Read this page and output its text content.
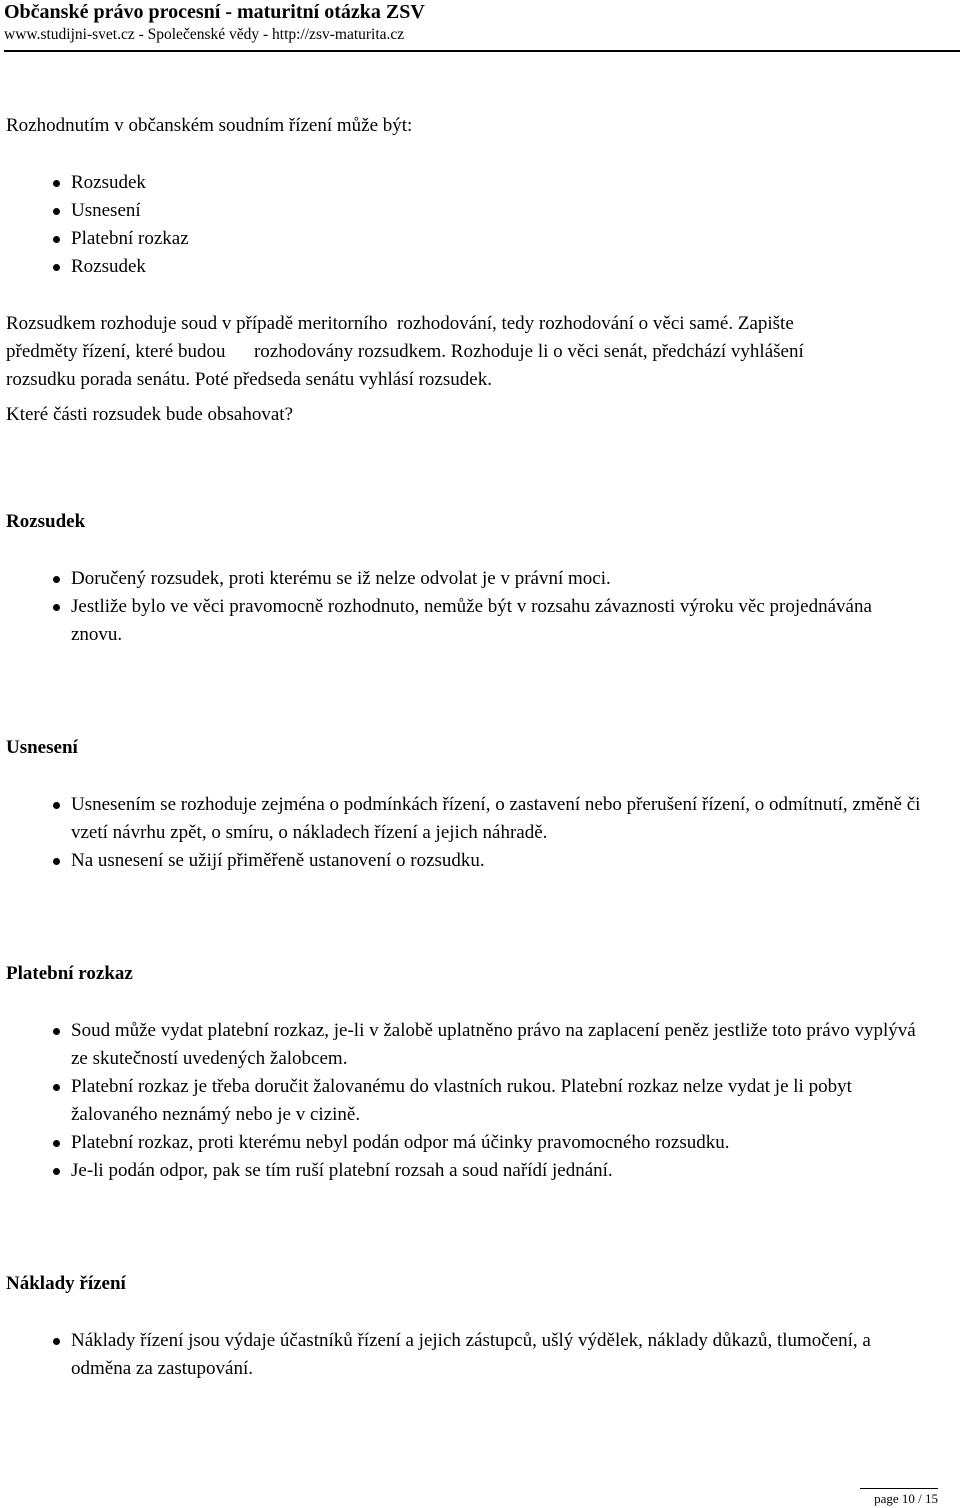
Občanské právo procesní - maturitní otázka ZSV
www.studijni-svet.cz - Společenské vědy - http://zsv-maturita.cz

Rozhodnutím v občanském soudním řízení může být:

Rozsudek
Usnesení
Platební rozkaz
Rozsudek

Rozsudkem rozhoduje soud v případě meritorního  rozhodování, tedy rozhodování o věci samé. Zapište

předměty řízení, které budou      rozhodovány rozsudkem. Rozhoduje li o věci senát, předchází vyhlášení

rozsudku porada senátu. Poté předseda senátu vyhlásí rozsudek.

Které části rozsudek bude obsahovat?

Rozsudek
Doručený rozsudek, proti kterému se iž nelze odvolat je v právní moci.
Jestliže bylo ve věci pravomocně rozhodnuto, nemůže být v rozsahu závaznosti výroku věc projednávána znovu.
Usnesení
Usnesením se rozhoduje zejména o podmínkách řízení, o zastavení nebo přerušení řízení, o odmítnutí, změně či vzetí návrhu zpět, o smíru, o nákladech řízení a jejich náhradě.
Na usnesení se užijí přiměřeně ustanovení o rozsudku.
Platební rozkaz
Soud může vydat platební rozkaz, je-li v žalobě uplatněno právo na zaplacení peněz jestliže toto právo vyplývá ze skutečností uvedených žalobcem.
Platební rozkaz je třeba doručit žalovanému do vlastních rukou. Platební rozkaz nelze vydat je li pobyt žalovaného neznámý nebo je v cizině.
Platební rozkaz, proti kterému nebyl podán odpor má účinky pravomocného rozsudku.
Je-li podán odpor, pak se tím ruší platební rozsah a soud nařídí jednání.
Náklady řízení
Náklady řízení jsou výdaje účastníků řízení a jejich zástupců, ušlý výdělek, náklady důkazů, tlumočení, a odměna za zastupování.
page 10 / 15
